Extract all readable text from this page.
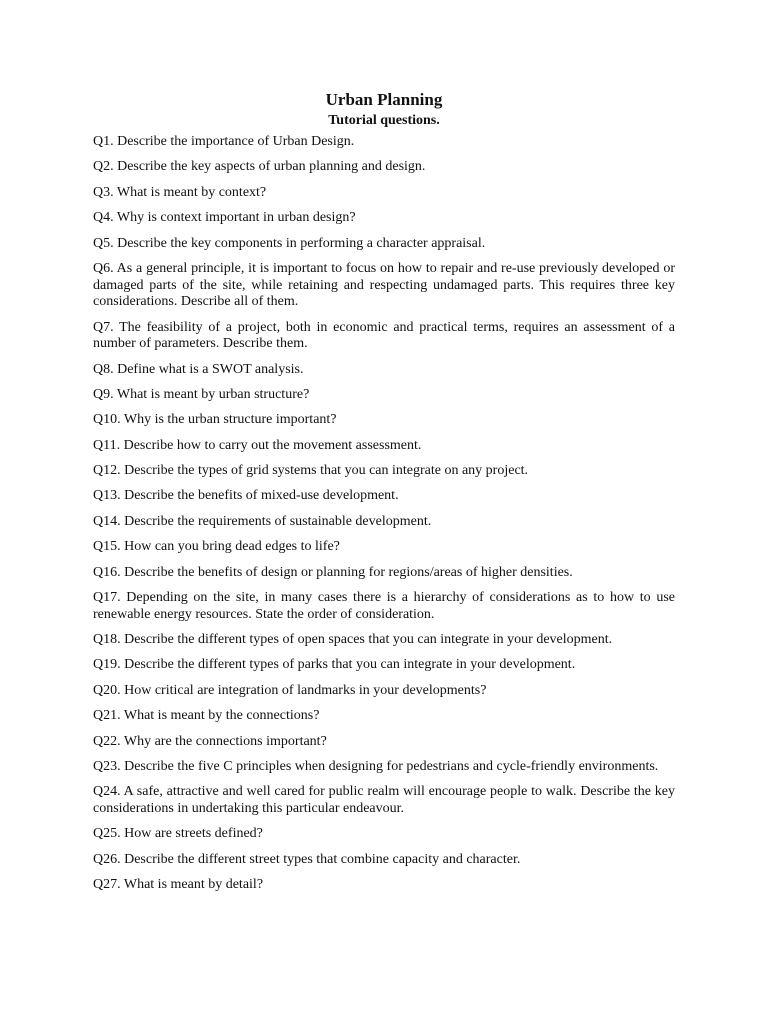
Urban Planning
Tutorial questions.
Q1. Describe the importance of Urban Design.
Q2. Describe the key aspects of urban planning and design.
Q3. What is meant by context?
Q4. Why is context important in urban design?
Q5. Describe the key components in performing a character appraisal.
Q6. As a general principle, it is important to focus on how to repair and re-use previously developed or damaged parts of the site, while retaining and respecting undamaged parts. This requires three key considerations. Describe all of them.
Q7. The feasibility of a project, both in economic and practical terms, requires an assessment of a number of parameters. Describe them.
Q8. Define what is a SWOT analysis.
Q9. What is meant by urban structure?
Q10. Why is the urban structure important?
Q11. Describe how to carry out the movement assessment.
Q12. Describe the types of grid systems that you can integrate on any project.
Q13. Describe the benefits of mixed-use development.
Q14. Describe the requirements of sustainable development.
Q15. How can you bring dead edges to life?
Q16. Describe the benefits of design or planning for regions/areas of higher densities.
Q17. Depending on the site, in many cases there is a hierarchy of considerations as to how to use renewable energy resources. State the order of consideration.
Q18. Describe the different types of open spaces that you can integrate in your development.
Q19. Describe the different types of parks that you can integrate in your development.
Q20. How critical are integration of landmarks in your developments?
Q21. What is meant by the connections?
Q22. Why are the connections important?
Q23. Describe the five C principles when designing for pedestrians and cycle-friendly environments.
Q24. A safe, attractive and well cared for public realm will encourage people to walk. Describe the key considerations in undertaking this particular endeavour.
Q25. How are streets defined?
Q26. Describe the different street types that combine capacity and character.
Q27. What is meant by detail?
